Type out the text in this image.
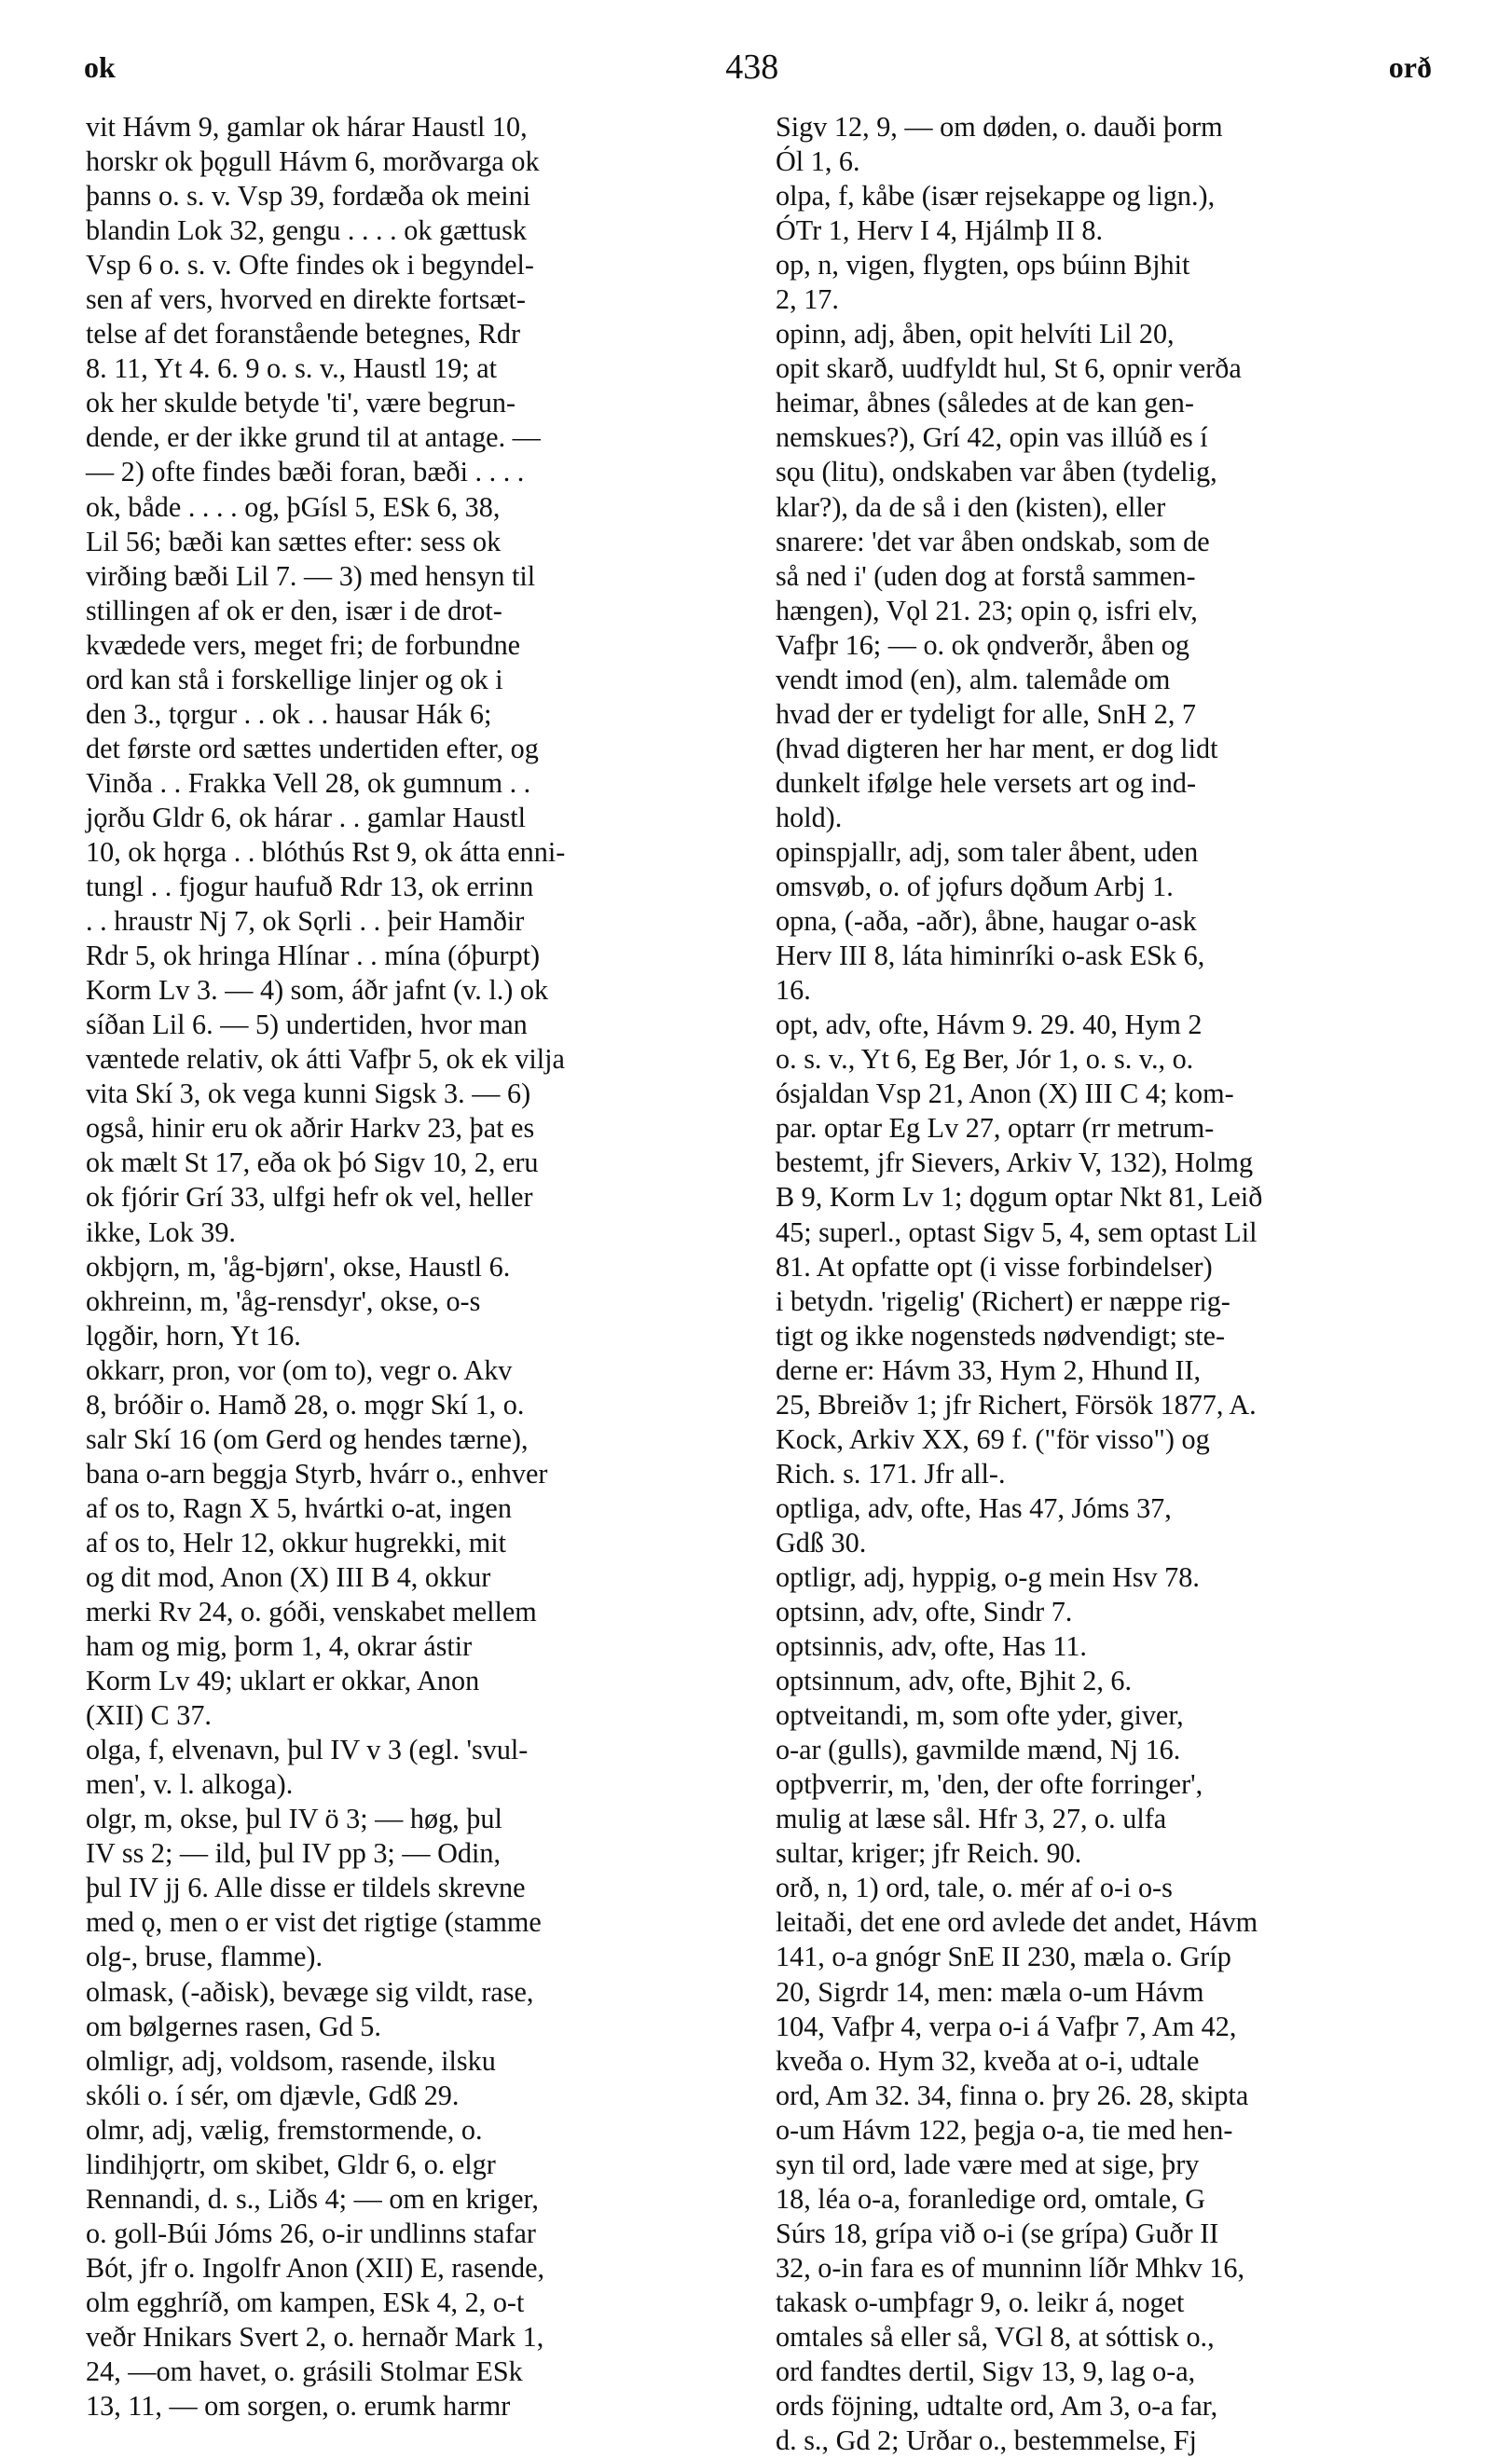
ok	438	orð
vit Hávm 9, gamlar ok hárar Haustl 10,
horskr ok þǫgull Hávm 6, morðvarga ok
þanns o. s. v. Vsp 39, fordæða ok meini
blandin Lok 32, gengu . . . . ok gættusk
Vsp 6 o. s. v. Ofte findes ok i begyndel-
sen af vers, hvorved en direkte fortsæt-
telse af det foranstående betegnes, Rdr
8. 11, Yt 4. 6. 9 o. s. v., Haustl 19; at
ok her skulde betyde 'ti', være begrun-
dende, er der ikke grund til at antage. —
— 2) ofte findes bæði foran, bæði . . . .
ok, både . . . . og, þGísl 5, ESk 6, 38,
Lil 56; bæði kan sættes efter: sess ok
virðing bæði Lil 7. — 3) med hensyn til
stillingen af ok er den, især i de drot-
kvædede vers, meget fri; de forbundne
ord kan stå i forskellige linjer og ok i
den 3., tǫrgur . . ok . . hausar Hák 6;
det første ord sættes undertiden efter, og
Vinða . . Frakka Vell 28, ok gumnum . .
jǫrðu Gldr 6, ok hárar . . gamlar Haustl
10, ok hǫrga . . blóthús Rst 9, ok átta enni-
tungl . . fjogur haufuð Rdr 13, ok errinn
. . hraustr Nj 7, ok Sǫrli . . þeir Hamðir
Rdr 5, ok hringa Hlínar . . mína (óþurpt)
Korm Lv 3. — 4) som, áðr jafnt (v. l.) ok
síðan Lil 6. — 5) undertiden, hvor man
væntede relativ, ok átti Vafþr 5, ok ek vilja
vita Skí 3, ok vega kunni Sigsk 3. — 6)
også, hinir eru ok aðrir Harkv 23, þat es
ok mælt St 17, eða ok þó Sigv 10, 2, eru
ok fjórir Grí 33, ulfgi hefr ok vel, heller
ikke, Lok 39.
okbjǫrn, m, 'åg-bjørn', okse, Haustl 6.
okhreinn, m, 'åg-rensdyr', okse, o-s
lǫgðir, horn, Yt 16.
okkarr, pron, vor (om to), vegr o. Akv
8, bróðir o. Hamð 28, o. mǫgr Skí 1, o.
salr Skí 16 (om Gerd og hendes tærne),
bana o-arn beggja Styrb, hvárr o., enhver
af os to, Ragn X 5, hvártki o-at, ingen
af os to, Helr 12, okkur hugrekki, mit
og dit mod, Anon (X) III B 4, okkur
merki Rv 24, o. góði, venskabet mellem
ham og mig, þorm 1, 4, okrar ástir
Korm Lv 49; uklart er okkar, Anon
(XII) C 37.
olga, f, elvenavn, þul IV v 3 (egl. 'svul-
men', v. l. alkoga).
olgr, m, okse, þul IV ö 3; — høg, þul
IV ss 2; — ild, þul IV pp 3; — Odin,
þul IV jj 6. Alle disse er tildels skrevne
med ǫ, men o er vist det rigtige (stamme
olg-, bruse, flamme).
olmask, (-aðisk), bevæge sig vildt, rase,
om bølgernes rasen, Gd 5.
olmligr, adj, voldsom, rasende, ilsku
skóli o. í sér, om djævle, Gdß 29.
olmr, adj, vælig, fremstormende, o.
lindihjǫrtr, om skibet, Gldr 6, o. elgr
Rennandi, d. s., Liðs 4; — om en kriger,
o. goll-Búi Jóms 26, o-ir undlinns stafar
Bót, jfr o. Ingolfr Anon (XII) E, rasende,
olm egghríð, om kampen, ESk 4, 2, o-t
veðr Hnikars Svert 2, o. hernaðr Mark 1,
24, —om havet, o. grásili Stolmar ESk
13, 11, — om sorgen, o. erumk harmr
Sigv 12, 9, — om døden, o. dauði þorm
Ól 1, 6.
olpa, f, kåbe (især rejsekappe og lign.),
ÓTr 1, Herv I 4, Hjálmþ II 8.
op, n, vigen, flygten, ops búinn Bjhit
2, 17.
opinn, adj, åben, opit helvíti Lil 20,
opit skarð, uudfyldt hul, St 6, opnir verða
heimar, åbnes (således at de kan gen-
nemskues?), Grí 42, opin vas illúð es í
sǫu (litu), ondskaben var åben (tydelig,
klar?), da de så i den (kisten), eller
snarere: 'det var åben ondskab, som de
så ned i' (uden dog at forstå sammen-
hængen), Vǫl 21. 23; opin ǫ, isfri elv,
Vafþr 16; — o. ok ǫndverðr, åben og
vendt imod (en), alm. talemåde om
hvad der er tydeligt for alle, SnH 2, 7
(hvad digteren her har ment, er dog lidt
dunkelt ifølge hele versets art og ind-
hold).
opinspjallr, adj, som taler åbent, uden
omsvøb, o. of jǫfurs dǫðum Arbj 1.
opna, (-aða, -aðr), åbne, haugar o-ask
Herv III 8, láta himinríki o-ask ESk 6,
16.
opt, adv, ofte, Hávm 9. 29. 40, Hym 2
o. s. v., Yt 6, Eg Ber, Jór 1, o. s. v., o.
ósjaldan Vsp 21, Anon (X) III C 4; kom-
par. optar Eg Lv 27, optarr (rr metrum-
bestemt, jfr Sievers, Arkiv V, 132), Holmg
B 9, Korm Lv 1; dǫgum optar Nkt 81, Leið
45; superl., optast Sigv 5, 4, sem optast Lil
81. At opfatte opt (i visse forbindelser)
i betydn. 'rigelig' (Richert) er næppe rig-
tigt og ikke nogensteds nødvendigt; ste-
derne er: Hávm 33, Hym 2, Hhund II,
25, Bbreiðv 1; jfr Richert, Försök 1877, A.
Kock, Arkiv XX, 69 f. ("för visso") og
Rich. s. 171. Jfr all-.
optliga, adv, ofte, Has 47, Jóms 37,
Gdß 30.
optligr, adj, hyppig, o-g mein Hsv 78.
optsinn, adv, ofte, Sindr 7.
optsinnis, adv, ofte, Has 11.
optsinnum, adv, ofte, Bjhit 2, 6.
optveitandi, m, som ofte yder, giver,
o-ar (gulls), gavmilde mænd, Nj 16.
optþverrir, m, 'den, der ofte forringer',
mulig at læse sål. Hfr 3, 27, o. ulfa
sultar, kriger; jfr Reich. 90.
orð, n, 1) ord, tale, o. mér af o-i o-s
leitaði, det ene ord avlede det andet, Hávm
141, o-a gnógr SnE II 230, mæla o. Gríp
20, Sigrdr 14, men: mæla o-um Hávm
104, Vafþr 4, verpa o-i á Vafþr 7, Am 42,
kveða o. Hym 32, kveða at o-i, udtale
ord, Am 32. 34, finna o. þry 26. 28, skipta
o-um Hávm 122, þegja o-a, tie med hen-
syn til ord, lade være med at sige, þry
18, léa o-a, foranledige ord, omtale, G
Súrs 18, grípa við o-i (se grípa) Guðr II
32, o-in fara es of munninn líðr Mhkv 16,
takask o-umþfagr 9, o. leikr á, noget
omtales så eller så, VGl 8, at sóttisk o.,
ord fandtes dertil, Sigv 13, 9, lag o-a,
ords föjning, udtalte ord, Am 3, o-a far,
d. s., Gd 2; Urðar o., bestemmelse, Fj
